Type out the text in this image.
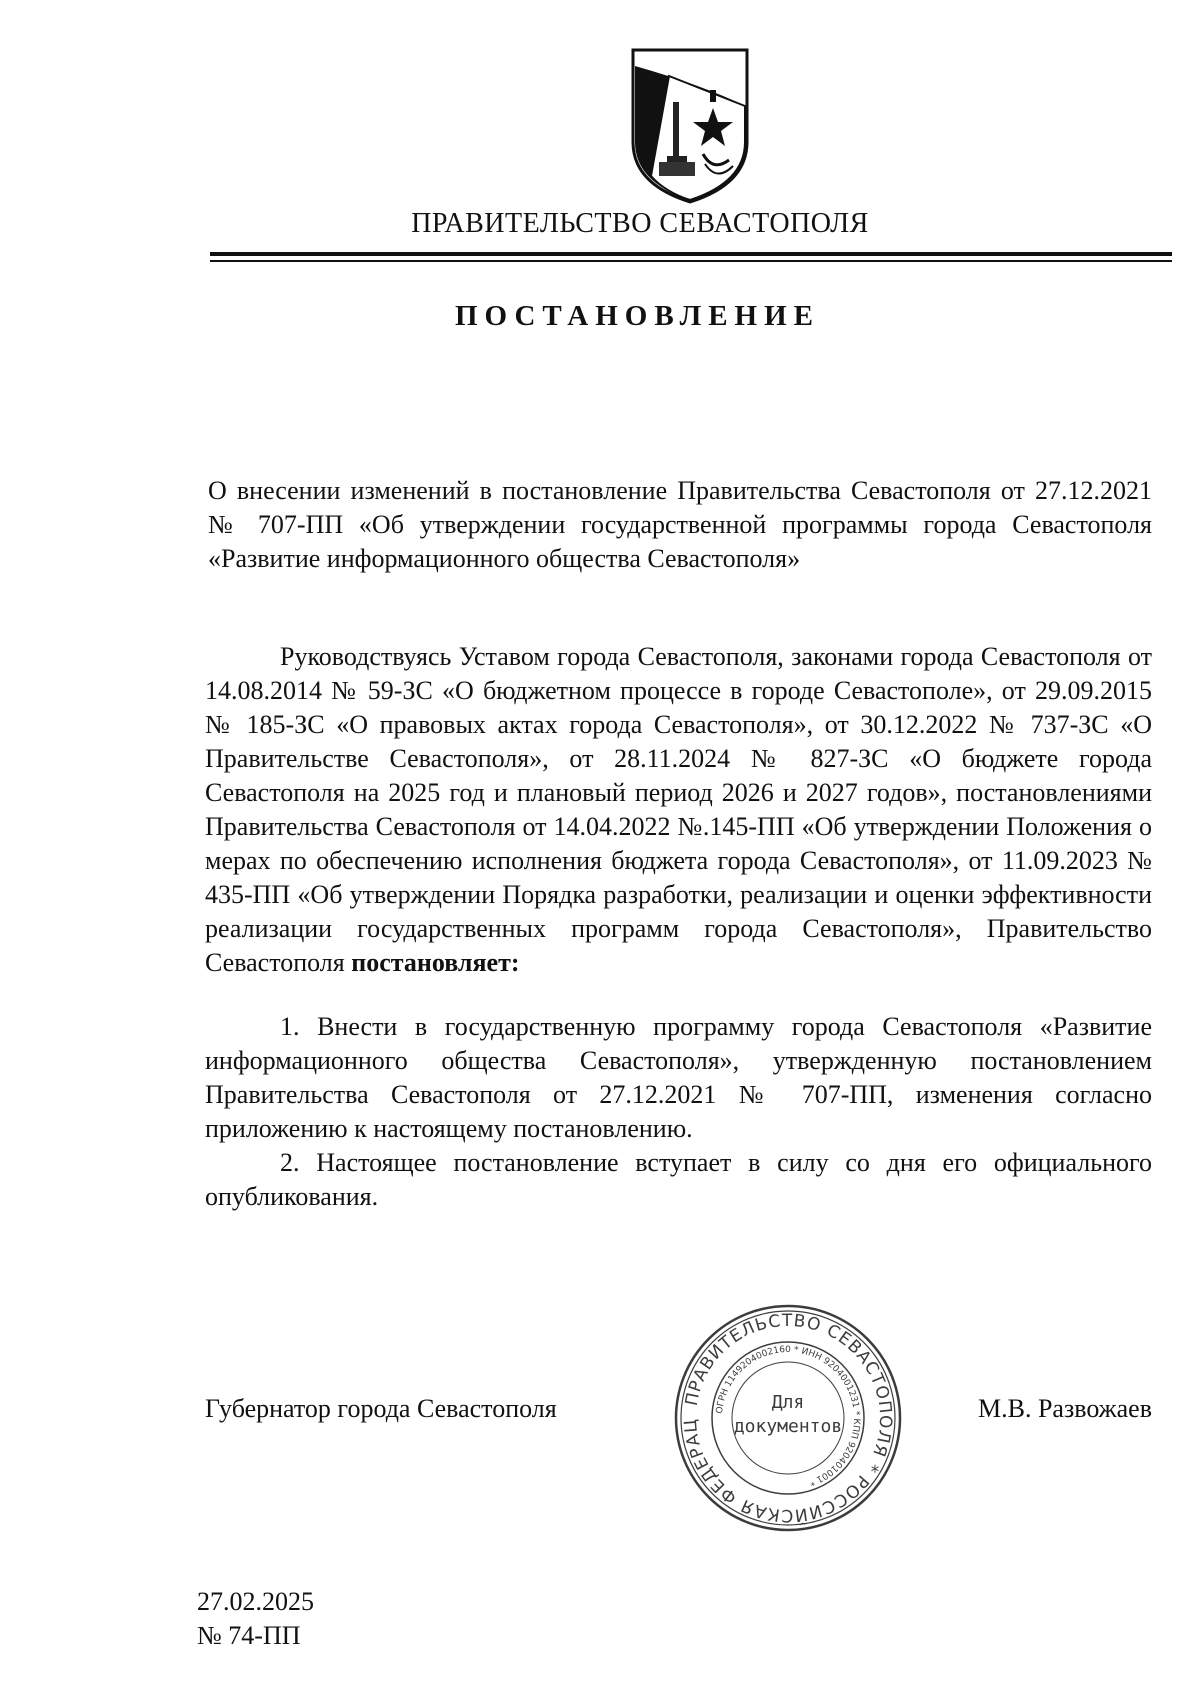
ПРАВИТЕЛЬСТВО СЕВАСТОПОЛЯ
ПОСТАНОВЛЕНИЕ
О внесении изменений в постановление Правительства Севастополя от 27.12.2021 № 707-ПП «Об утверждении государственной программы города Севастополя «Развитие информационного общества Севастополя»

Руководствуясь Уставом города Севастополя, законами города Севастополя от 14.08.2014 № 59-ЗС «О бюджетном процессе в городе Севастополе», от 29.09.2015 № 185-ЗС «О правовых актах города Севастополя», от 30.12.2022 № 737-ЗС «О Правительстве Севастополя», от 28.11.2024 № 827-ЗС «О бюджете города Севастополя на 2025 год и плановый период 2026 и 2027 годов», постановлениями Правительства Севастополя от 14.04.2022 №.145-ПП «Об утверждении Положения о мерах по обеспечению исполнения бюджета города Севастополя», от 11.09.2023 № 435-ПП «Об утверждении Порядка разработки, реализации и оценки эффективности реализации государственных программ города Севастополя», Правительство Севастополя постановляет:

1. Внести в государственную программу города Севастополя «Развитие информационного общества Севастополя», утвержденную постановлением Правительства Севастополя от 27.12.2021 № 707-ПП, изменения согласно приложению к настоящему постановлению.

2. Настоящее постановление вступает в силу со дня его официального опубликования.

Губернатор города Севастополя	М.В. Развожаев
ПРАВИТЕЛЬСТВО СЕВАСТОПОЛЯ * РОССИЙСКАЯ ФЕДЕРАЦ
ОГРН 1149204002160 * ИНН 9204001231 * КПП 920401001 *
Для
документов
27.02.2025
№ 74-ПП
